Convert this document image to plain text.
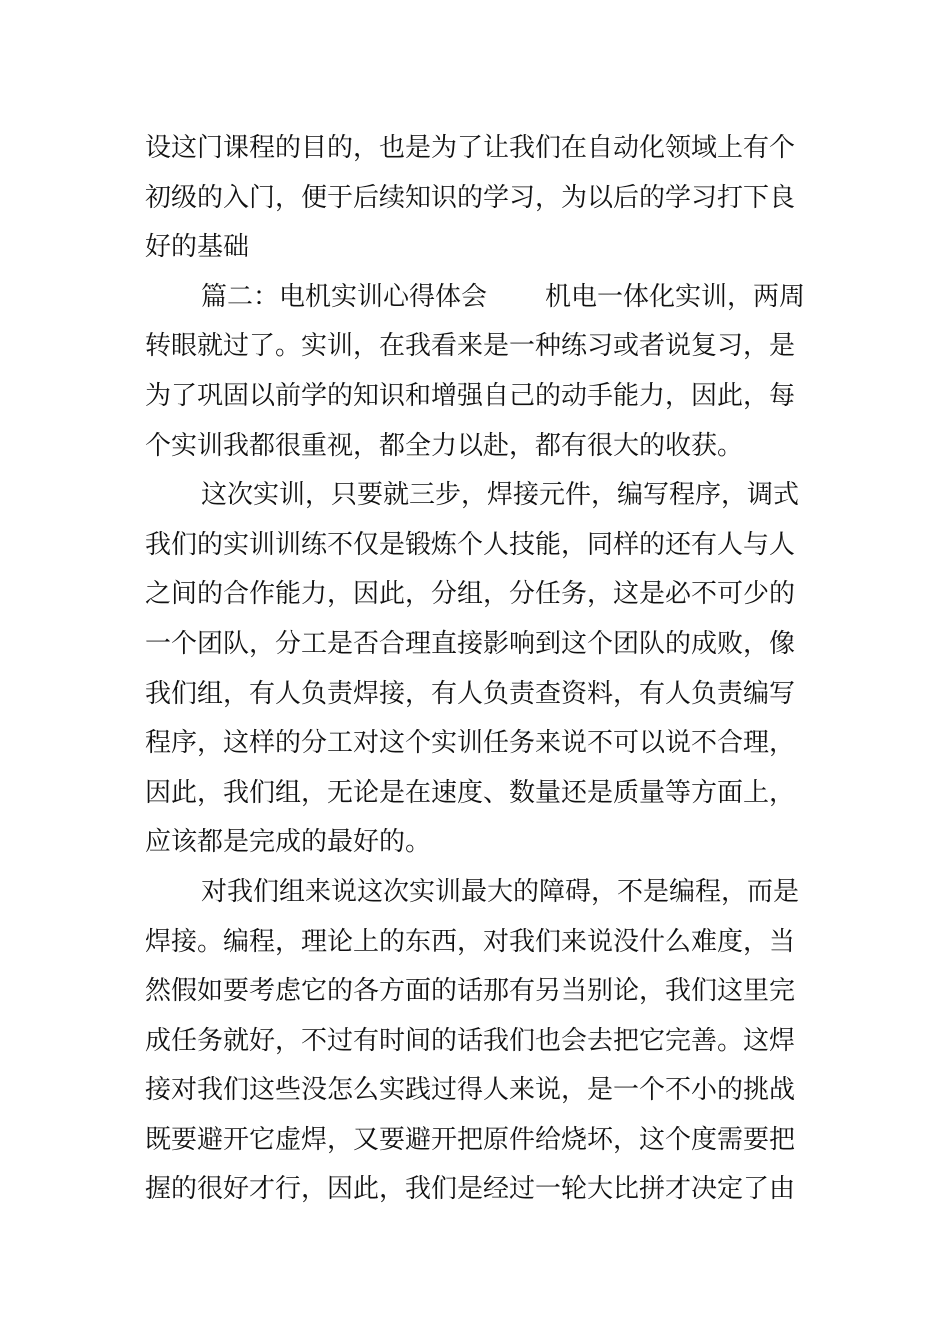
设这门课程的目的，也是为了让我们在自动化领域上有个
初级的入门，便于后续知识的学习，为以后的学习打下良
好的基础
篇二：电机实训心得体会 机电一体化实训，两周
转眼就过了。实训，在我看来是一种练习或者说复习，是
为了巩固以前学的知识和增强自己的动手能力，因此，每
个实训我都很重视，都全力以赴，都有很大的收获。
这次实训，只要就三步，焊接元件，编写程序，调式
我们的实训训练不仅是锻炼个人技能，同样的还有人与人
之间的合作能力，因此，分组，分任务，这是必不可少的
一个团队，分工是否合理直接影响到这个团队的成败，像
我们组，有人负责焊接，有人负责查资料，有人负责编写
程序，这样的分工对这个实训任务来说不可以说不合理，
因此，我们组，无论是在速度、数量还是质量等方面上，
应该都是完成的最好的。
对我们组来说这次实训最大的障碍，不是编程，而是
焊接。编程，理论上的东西，对我们来说没什么难度，当
然假如要考虑它的各方面的话那有另当别论，我们这里完
成任务就好，不过有时间的话我们也会去把它完善。这焊
接对我们这些没怎么实践过得人来说，是一个不小的挑战
既要避开它虚焊，又要避开把原件给烧坏，这个度需要把
握的很好才行，因此，我们是经过一轮大比拼才决定了由
